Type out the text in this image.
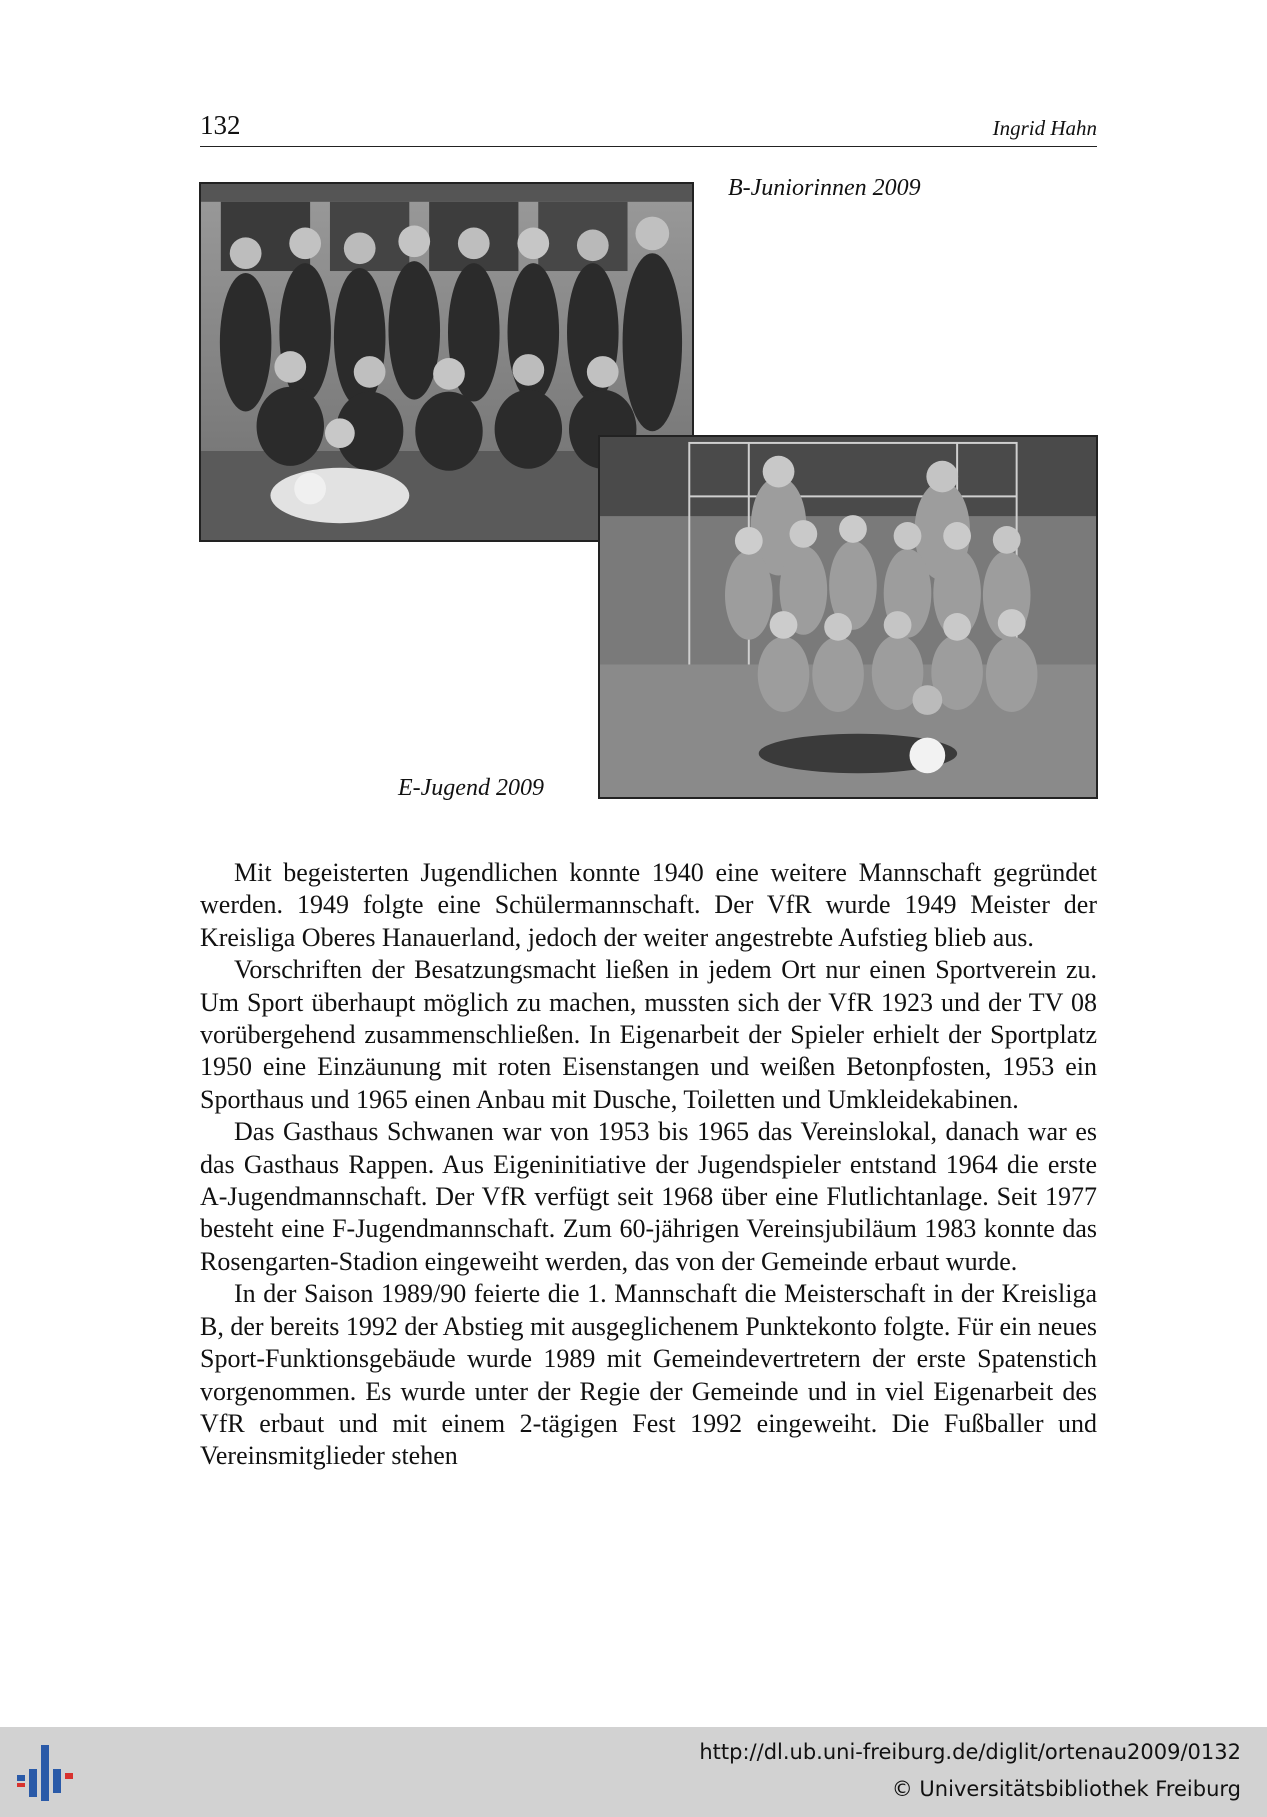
132	Ingrid Hahn
B-Juniorinnen 2009
E-Jugend 2009

Mit begeisterten Jugendlichen konnte 1940 eine weitere Mannschaft gegründet werden. 1949 folgte eine Schülermannschaft. Der VfR wurde 1949 Meister der Kreisliga Oberes Hanauerland, jedoch der weiter angestrebte Aufstieg blieb aus.

Vorschriften der Besatzungsmacht ließen in jedem Ort nur einen Sportverein zu. Um Sport überhaupt möglich zu machen, mussten sich der VfR 1923 und der TV 08 vorübergehend zusammenschließen. In Eigenarbeit der Spieler erhielt der Sportplatz 1950 eine Einzäunung mit roten Eisenstangen und weißen Betonpfosten, 1953 ein Sporthaus und 1965 einen Anbau mit Dusche, Toiletten und Umkleidekabinen.

Das Gasthaus Schwanen war von 1953 bis 1965 das Vereinslokal, danach war es das Gasthaus Rappen. Aus Eigeninitiative der Jugendspieler entstand 1964 die erste A-Jugendmannschaft. Der VfR verfügt seit 1968 über eine Flutlichtanlage. Seit 1977 besteht eine F-Jugendmannschaft. Zum 60-jährigen Vereinsjubiläum 1983 konnte das Rosengarten-Stadion eingeweiht werden, das von der Gemeinde erbaut wurde.

In der Saison 1989/90 feierte die 1. Mannschaft die Meisterschaft in der Kreisliga B, der bereits 1992 der Abstieg mit ausgeglichenem Punktekonto folgte. Für ein neues Sport-Funktionsgebäude wurde 1989 mit Gemeindevertretern der erste Spatenstich vorgenommen. Es wurde unter der Regie der Gemeinde und in viel Eigenarbeit des VfR erbaut und mit einem 2-tägigen Fest 1992 eingeweiht. Die Fußballer und Vereinsmitglieder stehen

http://dl.ub.uni-freiburg.de/diglit/ortenau2009/0132
© Universitätsbibliothek Freiburg
